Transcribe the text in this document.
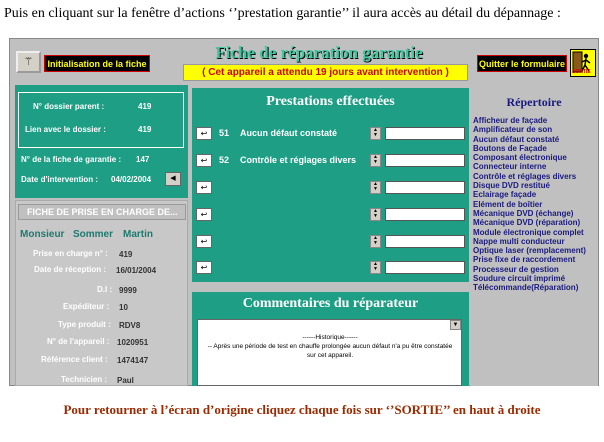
Puis en cliquant sur la fenêtre d’actions ‘’prestation garantie’’ il aura accès au détail du dépannage :
⚚	Initialisation de la fiche
Fiche de réparation garantie
( Cet appareil a attendu 19 jours avant intervention )
Quitter le formulaire
SORTIE
N° dossier parent :	419
Lien avec le dossier :	419
N° de la fiche de garantie : 147
Date d'intervention : 04/02/2004	◀
FICHE DE PRISE EN CHARGE DE...
Monsieur Sommer Martin
Prise en charge n° : 419
Date de réception : 16/01/2004
D.I : 9999
Expéditeur : 10
Type produit : RDV8
N° de l'appareil : 1020951
Référence client : 1474147
Technicien : Paul
Prestations effectuées
↩	51 Aucun défaut constaté	▲
▼
↩	52 Contrôle et réglages divers	▲
▼
↩	▲
▼
↩	▲
▼
↩	▲
▼
↩	▲
▼
Commentaires du réparateur
▼
------Historique------
-- Après une période de test en chauffe prolongée aucun défaut n'a pu être constatée sur cet appareil.
Répertoire
Afficheur de façade
Amplificateur de son
Aucun défaut constaté
Boutons de Façade
Composant électronique
Connecteur interne
Contrôle et réglages divers
Disque DVD restitué
Eclairage façade
Elément de boîtier
Mécanique DVD (échange)
Mécanique DVD (réparation)
Module électronique complet
Nappe multi conducteur
Optique laser (remplacement)
Prise fixe de raccordement
Processeur de gestion
Soudure circuit imprimé
Télécommande(Réparation)
Pour retourner à l’écran d’origine cliquez chaque fois sur ‘’SORTIE’’ en haut à droite
